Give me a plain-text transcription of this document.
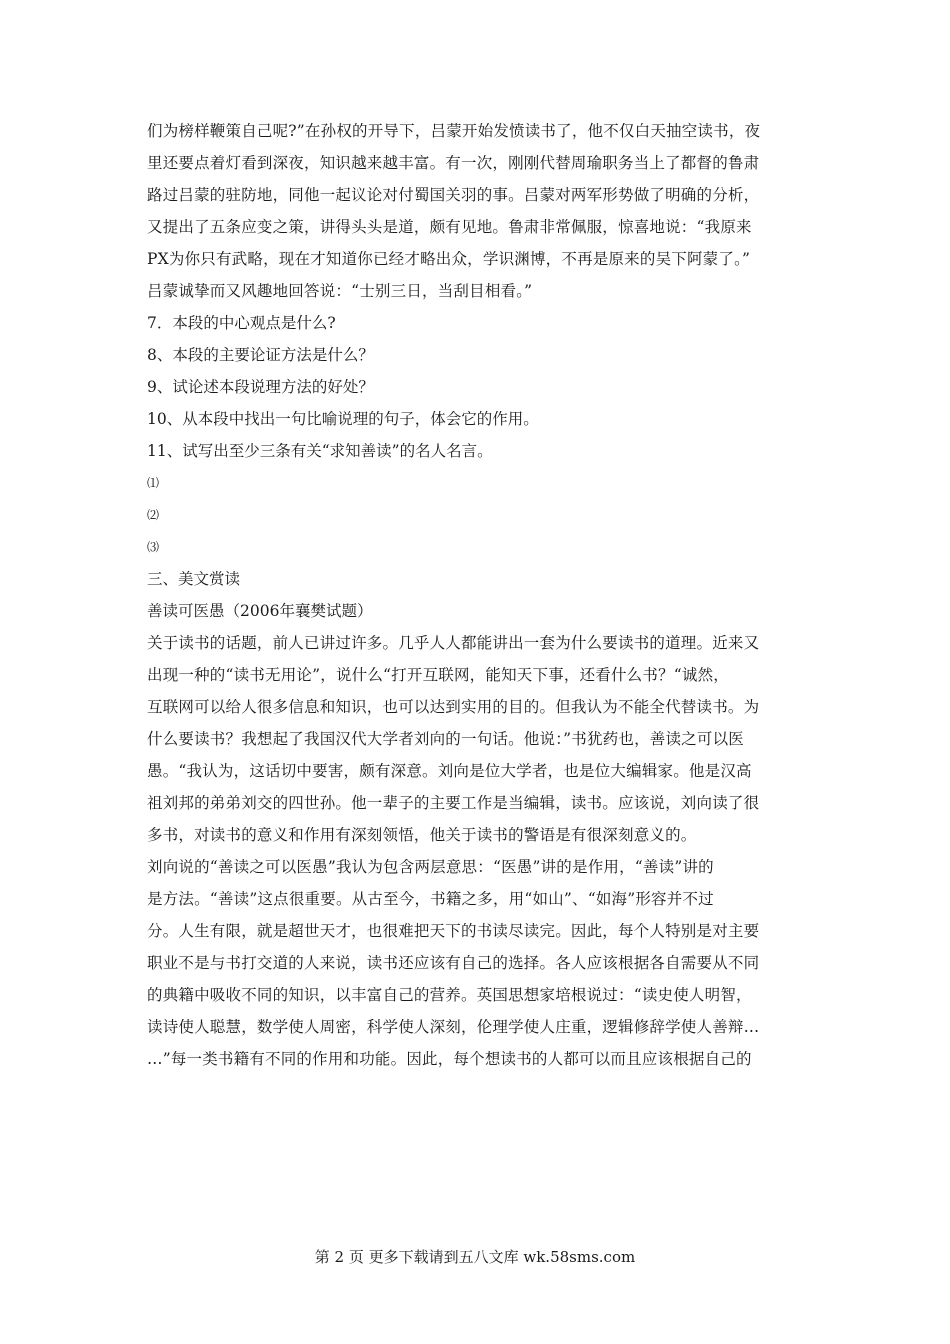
们为榜样鞭策自己呢?”在孙权的开导下，吕蒙开始发愤读书了，他不仅白天抽空读书，夜

里还要点着灯看到深夜，知识越来越丰富。有一次，刚刚代替周瑜职务当上了都督的鲁肃

路过吕蒙的驻防地，同他一起议论对付蜀国关羽的事。吕蒙对两军形势做了明确的分析，

又提出了五条应变之策，讲得头头是道，颇有见地。鲁肃非常佩服，惊喜地说：“我原来

PX为你只有武略，现在才知道你已经才略出众，学识渊博，不再是原来的吴下阿蒙了。”

吕蒙诚挚而又风趣地回答说：“士别三日，当刮目相看。”

7．本段的中心观点是什么?

8、本段的主要论证方法是什么？

9、试论述本段说理方法的好处？

10、从本段中找出一句比喻说理的句子，体会它的作用。

11、试写出至少三条有关“求知善读”的名人名言。

⑴

⑵

⑶

三、美文赏读

善读可医愚（2006年襄樊试题）

关于读书的话题，前人已讲过许多。几乎人人都能讲出一套为什么要读书的道理。近来又

出现一种的“读书无用论”，说什么“打开互联网，能知天下事，还看什么书？“诚然，

互联网可以给人很多信息和知识，也可以达到实用的目的。但我认为不能全代替读书。为

什么要读书？我想起了我国汉代大学者刘向的一句话。他说：”书犹药也，善读之可以医

愚。“我认为，这话切中要害，颇有深意。刘向是位大学者，也是位大编辑家。他是汉高

祖刘邦的弟弟刘交的四世孙。他一辈子的主要工作是当编辑，读书。应该说，刘向读了很

多书，对读书的意义和作用有深刻领悟，他关于读书的警语是有很深刻意义的。

刘向说的“善读之可以医愚”我认为包含两层意思：“医愚”讲的是作用，“善读”讲的

是方法。“善读”这点很重要。从古至今，书籍之多，用“如山”、“如海”形容并不过

分。人生有限，就是超世天才，也很难把天下的书读尽读完。因此，每个人特别是对主要

职业不是与书打交道的人来说，读书还应该有自己的选择。各人应该根据各自需要从不同

的典籍中吸收不同的知识，以丰富自己的营养。英国思想家培根说过：“读史使人明智，

读诗使人聪慧，数学使人周密，科学使人深刻，伦理学使人庄重，逻辑修辞学使人善辩…

…”每一类书籍有不同的作用和功能。因此，每个想读书的人都可以而且应该根据自己的

第 2 页 更多下载请到五八文库 wk.58sms.com
